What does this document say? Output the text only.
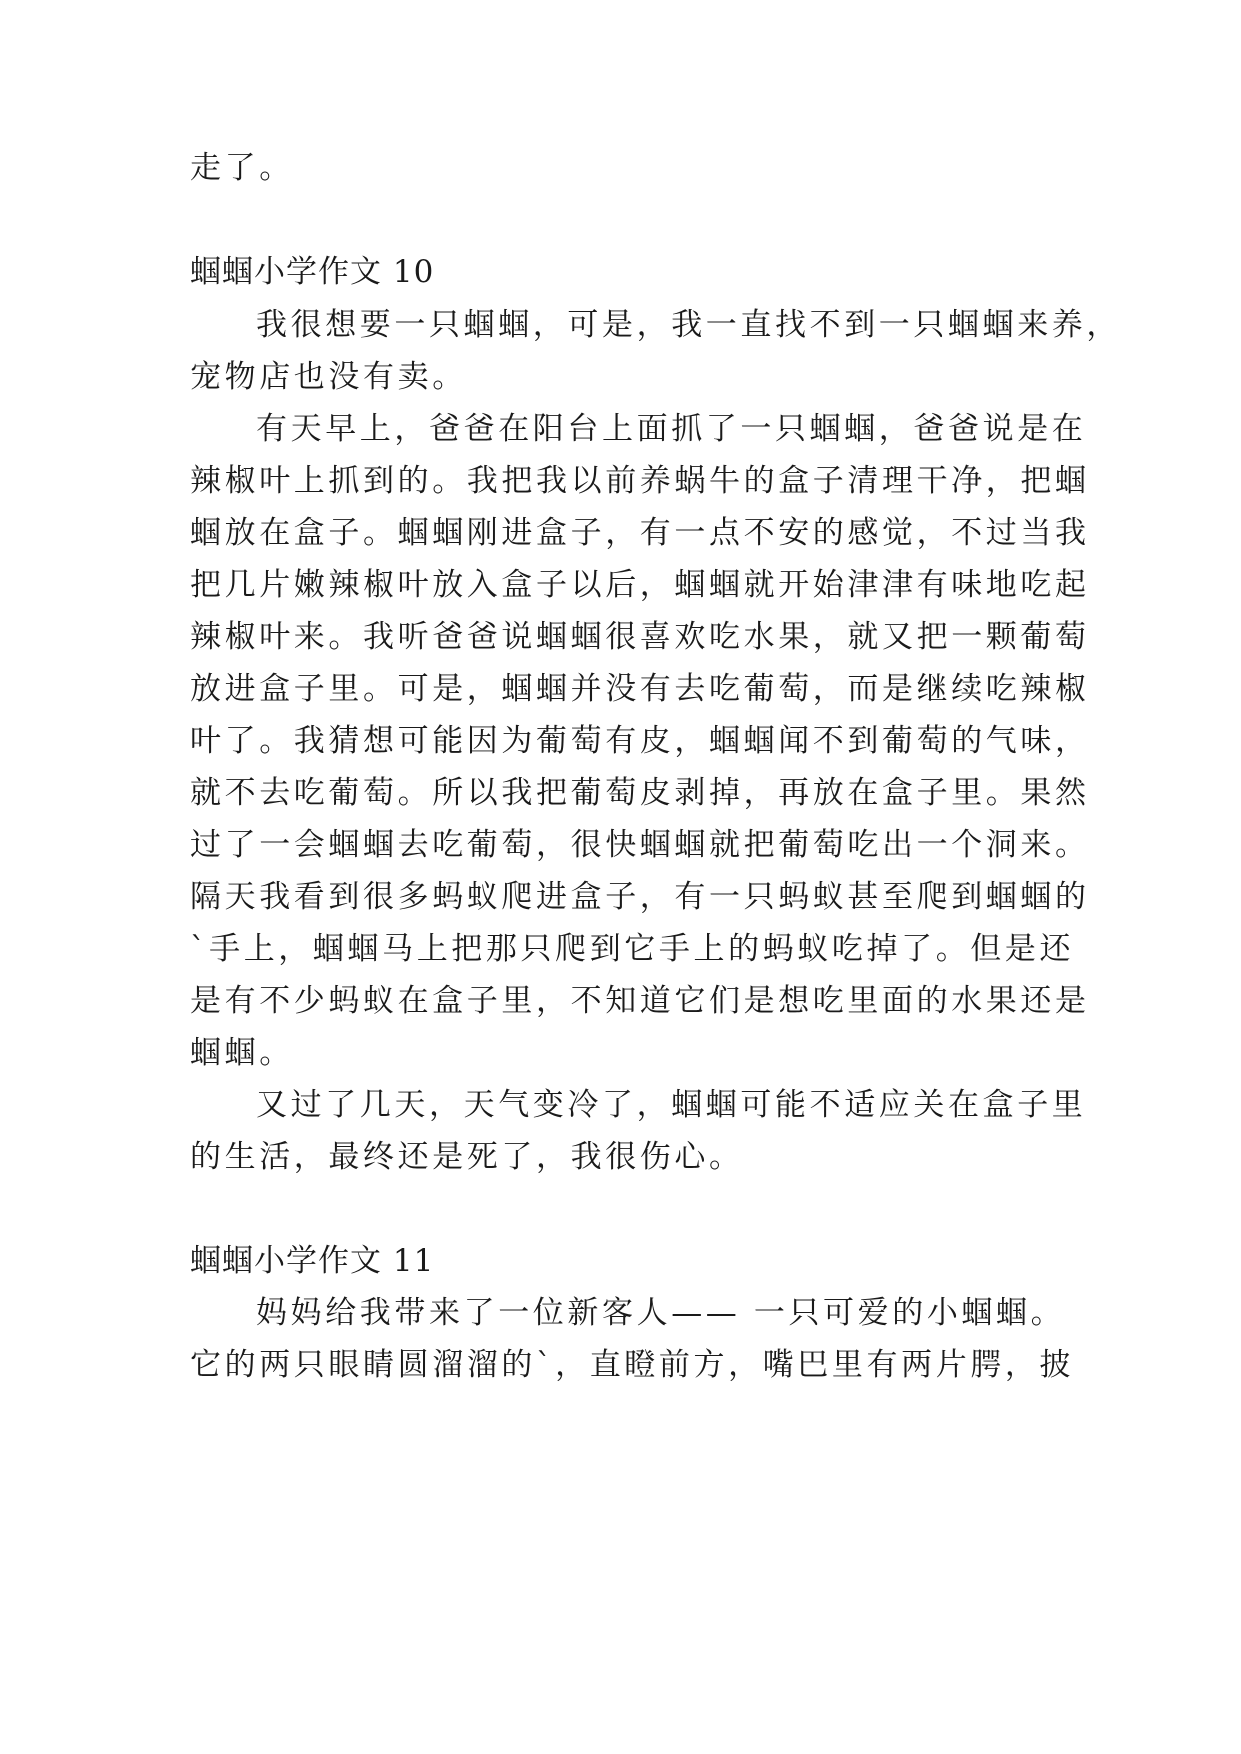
走了。
蝈蝈小学作文 10
我很想要一只蝈蝈，可是，我一直找不到一只蝈蝈来养，
宠物店也没有卖。
有天早上，爸爸在阳台上面抓了一只蝈蝈，爸爸说是在
辣椒叶上抓到的。我把我以前养蜗牛的盒子清理干净，把蝈
蝈放在盒子。蝈蝈刚进盒子，有一点不安的感觉，不过当我
把几片嫩辣椒叶放入盒子以后，蝈蝈就开始津津有味地吃起
辣椒叶来。我听爸爸说蝈蝈很喜欢吃水果，就又把一颗葡萄
放进盒子里。可是，蝈蝈并没有去吃葡萄，而是继续吃辣椒
叶了。我猜想可能因为葡萄有皮，蝈蝈闻不到葡萄的气味，
就不去吃葡萄。所以我把葡萄皮剥掉，再放在盒子里。果然
过了一会蝈蝈去吃葡萄，很快蝈蝈就把葡萄吃出一个洞来。
隔天我看到很多蚂蚁爬进盒子，有一只蚂蚁甚至爬到蝈蝈的
`手上，蝈蝈马上把那只爬到它手上的蚂蚁吃掉了。但是还
是有不少蚂蚁在盒子里，不知道它们是想吃里面的水果还是
蝈蝈。
又过了几天，天气变冷了，蝈蝈可能不适应关在盒子里
的生活，最终还是死了，我很伤心。
蝈蝈小学作文 11
妈妈给我带来了一位新客人—— 一只可爱的小蝈蝈。
它的两只眼睛圆溜溜的`，直瞪前方，嘴巴里有两片腭，披
